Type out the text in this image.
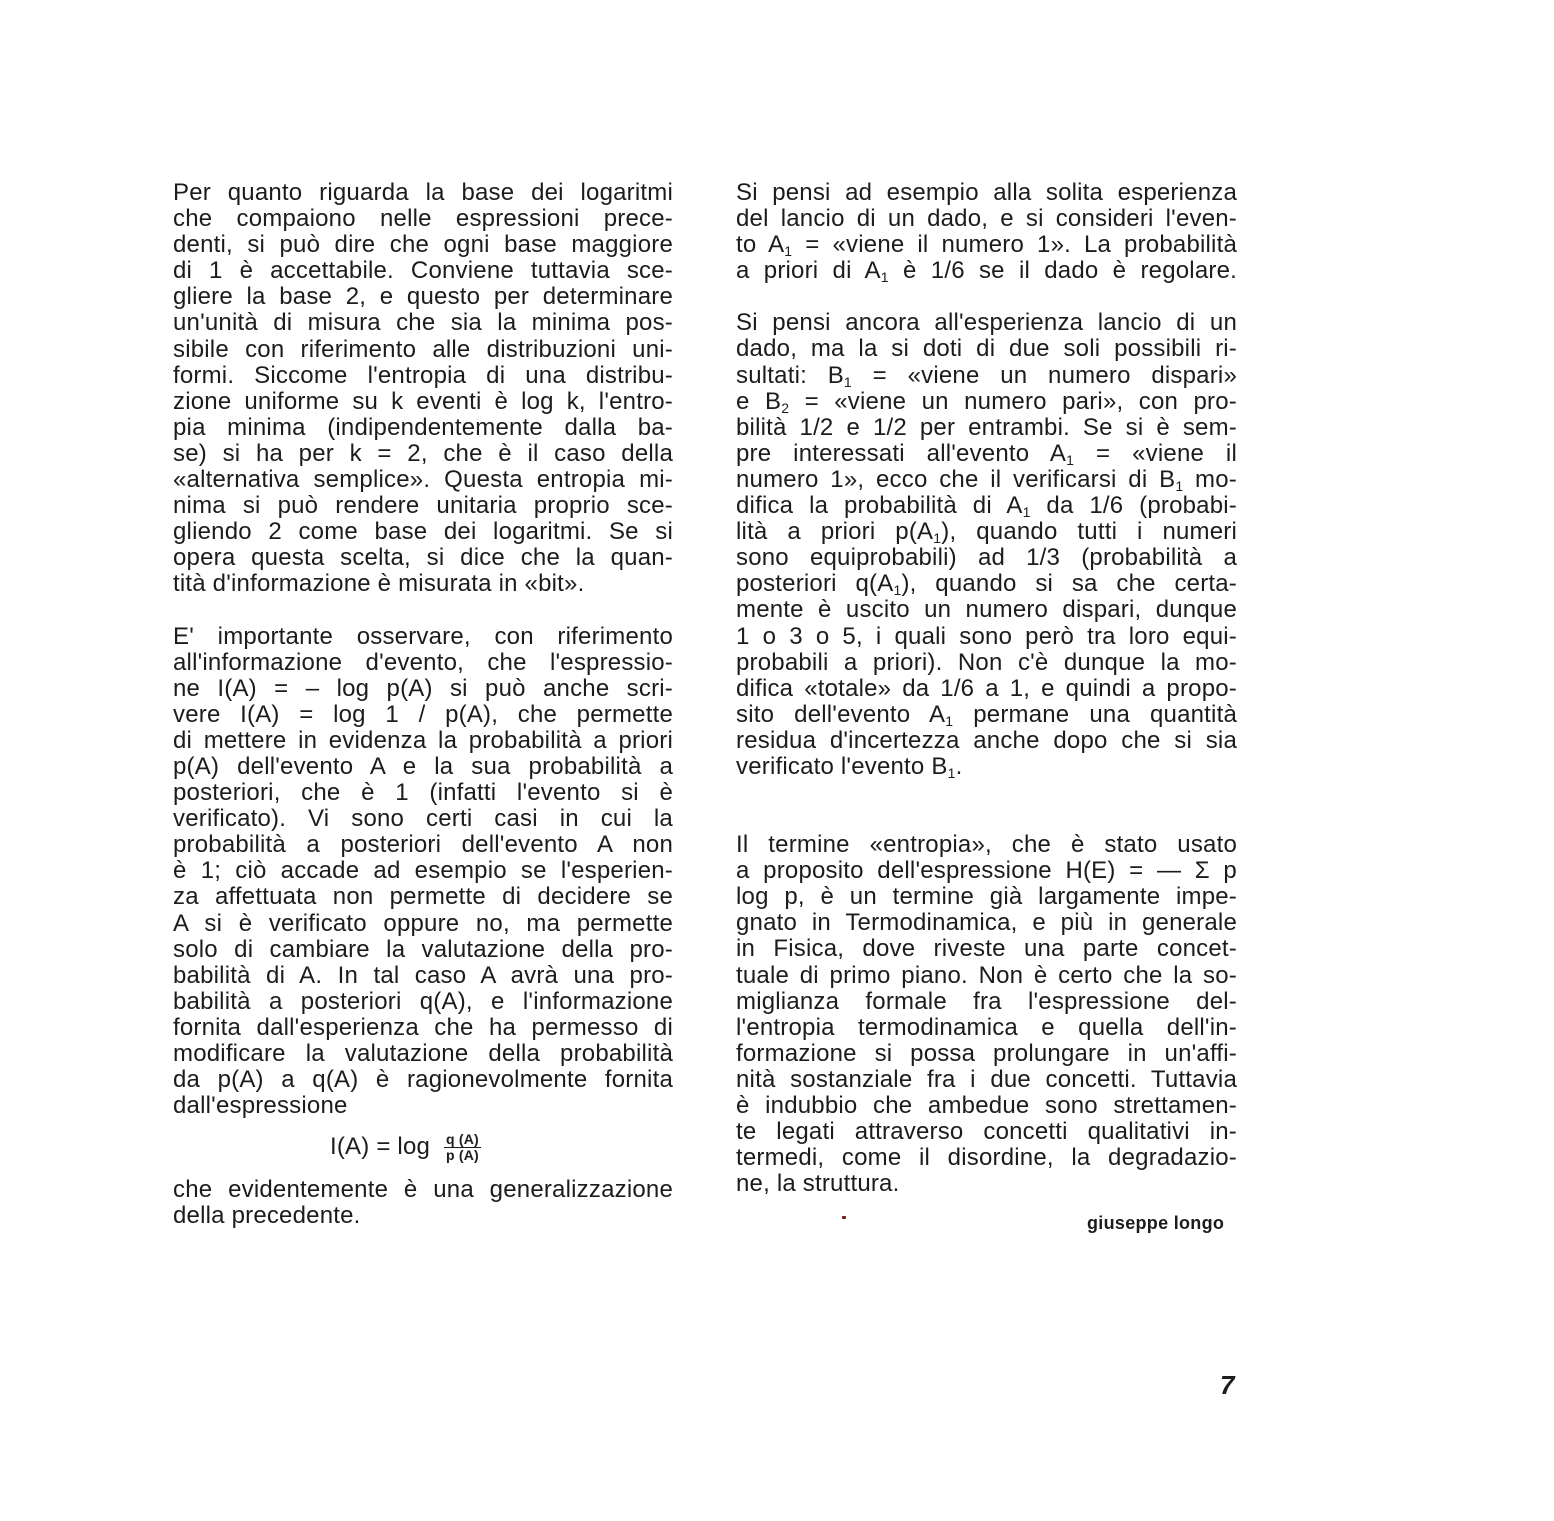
Per quanto riguarda la base dei logaritmi
che compaiono nelle espressioni prece-
denti, si può dire che ogni base maggiore
di 1 è accettabile. Conviene tuttavia sce-
gliere la base 2, e questo per determinare
un'unità di misura che sia la minima pos-
sibile con riferimento alle distribuzioni uni-
formi. Siccome l'entropia di una distribu-
zione uniforme su k eventi è log k, l'entro-
pia minima (indipendentemente dalla ba-
se) si ha per k = 2, che è il caso della
«alternativa semplice». Questa entropia mi-
nima si può rendere unitaria proprio sce-
gliendo 2 come base dei logaritmi. Se si
opera questa scelta, si dice che la quan-
tità d'informazione è misurata in «bit».
E' importante osservare, con riferimento
all'informazione d'evento, che l'espressio-
ne I(A) = – log p(A) si può anche scri-
vere I(A) = log 1 / p(A), che permette
di mettere in evidenza la probabilità a priori
p(A) dell'evento A e la sua probabilità a
posteriori, che è 1 (infatti l'evento si è
verificato). Vi sono certi casi in cui la
probabilità a posteriori dell'evento A non
è 1; ciò accade ad esempio se l'esperien-
za affettuata non permette di decidere se
A si è verificato oppure no, ma permette
solo di cambiare la valutazione della pro-
babilità di A. In tal caso A avrà una pro-
babilità a posteriori q(A), e l'informazione
fornita dall'esperienza che ha permesso di
modificare la valutazione della probabilità
da p(A) a q(A) è ragionevolmente fornita
dall'espressione
$I(A) = \log \frac{q (A)}{p (A)}$
che evidentemente è una generalizzazione
della precedente.
Si pensi ad esempio alla solita esperienza
del lancio di un dado, e si consideri l'even-
to $A_1$ = «viene il numero 1». La probabilità
a priori di $A_1$ è 1/6 se il dado è regolare.
Si pensi ancora all'esperienza lancio di un
dado, ma la si doti di due soli possibili ri-
sultati: $B_1$ = «viene un numero dispari»
e $B_2$ = «viene un numero pari», con pro-
bilità 1/2 e 1/2 per entrambi. Se si è sem-
pre interessati all'evento $A_1$ = «viene il
numero 1», ecco che il verificarsi di $B_1$ mo-
difica la probabilità di $A_1$ da 1/6 (probabi-
lità a priori $p(A_1)$, quando tutti i numeri
sono equiprobabili) ad 1/3 (probabilità a
posteriori $q(A_1)$, quando si sa che certa-
mente è uscito un numero dispari, dunque
1 o 3 o 5, i quali sono però tra loro equi-
probabili a priori). Non c'è dunque la mo-
difica «totale» da 1/6 a 1, e quindi a propo-
sito dell'evento $A_1$ permane una quantità
residua d'incertezza anche dopo che si sia
verificato l'evento $B_1$.
Il termine «entropia», che è stato usato
a proposito dell'espressione H(E) = — Σ p
log p, è un termine già largamente impe-
gnato in Termodinamica, e più in generale
in Fisica, dove riveste una parte concet-
tuale di primo piano. Non è certo che la so-
miglianza formale fra l'espressione del-
l'entropia termodinamica e quella dell'in-
formazione si possa prolungare in un'affi-
nità sostanziale fra i due concetti. Tuttavia
è indubbio che ambedue sono strettamen-
te legati attraverso concetti qualitativi in-
termedi, come il disordine, la degradazio-
ne, la struttura.
giuseppe longo
7
